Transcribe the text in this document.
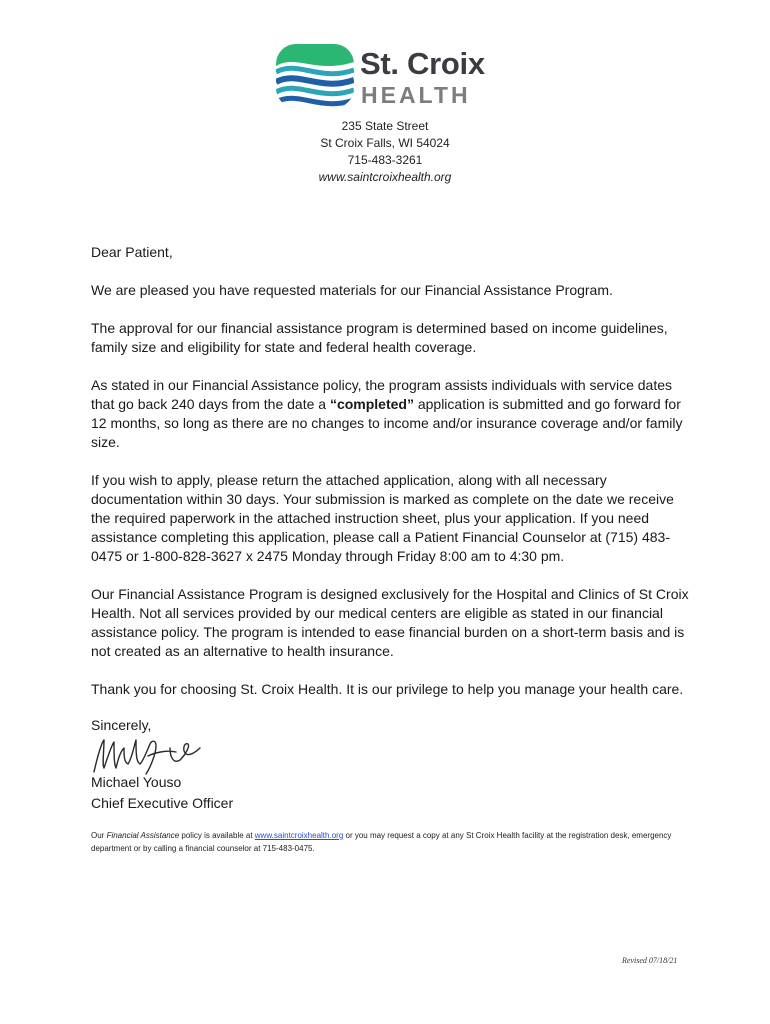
St. Croix
HEALTH
235 State Street
St Croix Falls, WI 54024
715-483-3261
www.saintcroixhealth.org

Dear Patient,

We are pleased you have requested materials for our Financial Assistance Program.

The approval for our financial assistance program is determined based on income guidelines, family size and eligibility for state and federal health coverage.

As stated in our Financial Assistance policy, the program assists individuals with service dates that go back 240 days from the date a “completed” application is submitted and go forward for 12 months, so long as there are no changes to income and/or insurance coverage and/or family size.

If you wish to apply, please return the attached application, along with all necessary documentation within 30 days. Your submission is marked as complete on the date we receive the required paperwork in the attached instruction sheet, plus your application. If you need assistance completing this application, please call a Patient Financial Counselor at (715) 483-0475 or 1-800-828-3627 x 2475 Monday through Friday 8:00 am to 4:30 pm.

Our Financial Assistance Program is designed exclusively for the Hospital and Clinics of St Croix Health. Not all services provided by our medical centers are eligible as stated in our financial assistance policy. The program is intended to ease financial burden on a short-term basis and is not created as an alternative to health insurance.

Thank you for choosing St. Croix Health. It is our privilege to help you manage your health care.

Sincerely,
Michael Youso
Chief Executive Officer
Our Financial Assistance policy is available at www.saintcroixhealth.org or you may request a copy at any St Croix Health facility at the registration desk, emergency department or by calling a financial counselor at 715-483-0475.
Revised 07/18/21
